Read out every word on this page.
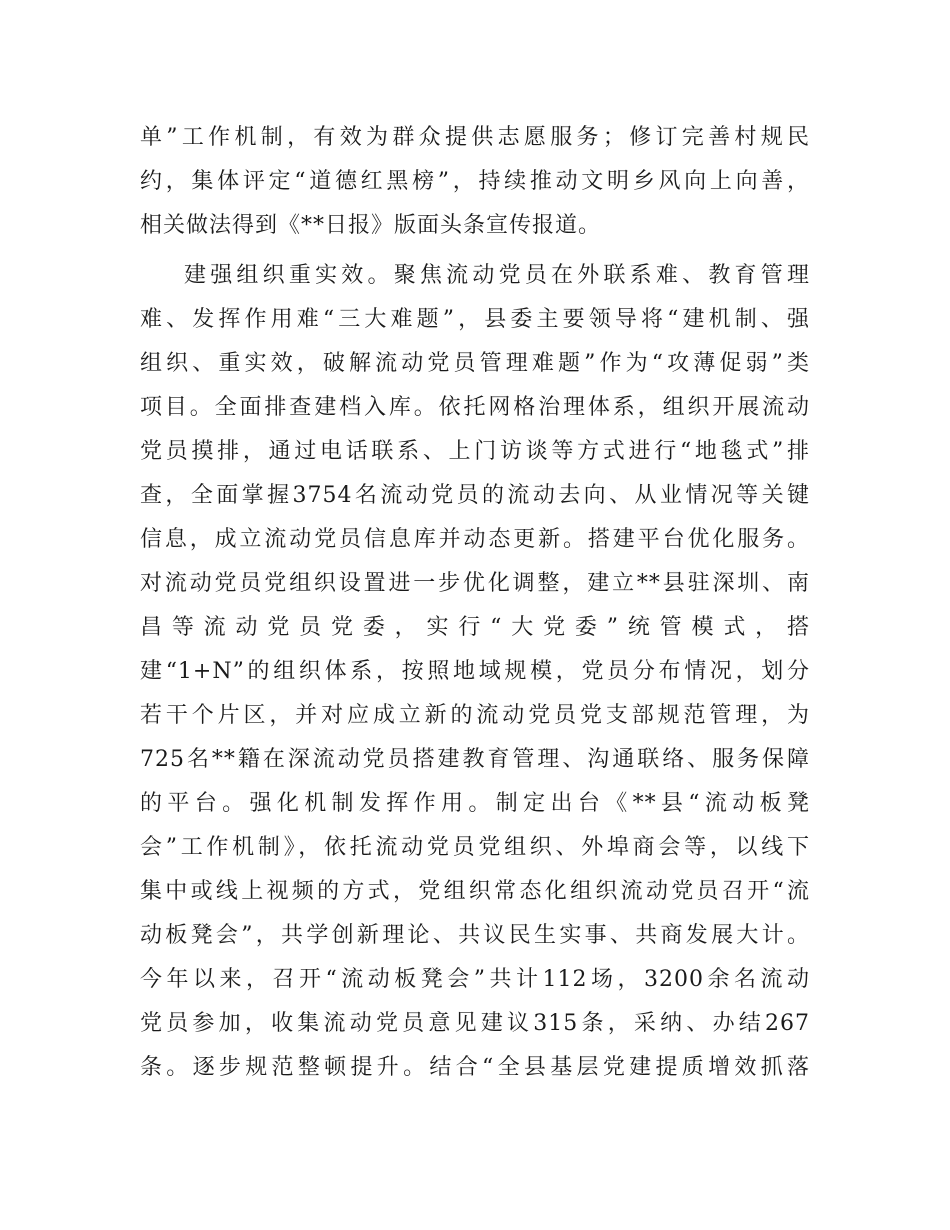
单”工作机制，有效为群众提供志愿服务；修订完善村规民
约，集体评定“道德红黑榜”，持续推动文明乡风向上向善，
相关做法得到《**日报》版面头条宣传报道。
建强组织重实效。聚焦流动党员在外联系难、教育管理
难、发挥作用难“三大难题”，县委主要领导将“建机制、强
组织、重实效，破解流动党员管理难题”作为“攻薄促弱”类
项目。全面排查建档入库。依托网格治理体系，组织开展流动
党员摸排，通过电话联系、上门访谈等方式进行“地毯式”排
查，全面掌握3754名流动党员的流动去向、从业情况等关键
信息，成立流动党员信息库并动态更新。搭建平台优化服务。
对流动党员党组织设置进一步优化调整，建立**县驻深圳、南
昌等流动党员党委，实行“大党委”统管模式，搭
建“1+N”的组织体系，按照地域规模，党员分布情况，划分
若干个片区，并对应成立新的流动党员党支部规范管理，为
725名**籍在深流动党员搭建教育管理、沟通联络、服务保障
的平台。强化机制发挥作用。制定出台《**县“流动板凳
会”工作机制》，依托流动党员党组织、外埠商会等，以线下
集中或线上视频的方式，党组织常态化组织流动党员召开“流
动板凳会”，共学创新理论、共议民生实事、共商发展大计。
今年以来，召开“流动板凳会”共计112场，3200余名流动
党员参加，收集流动党员意见建议315条，采纳、办结267
条。逐步规范整顿提升。结合“全县基层党建提质增效抓落
